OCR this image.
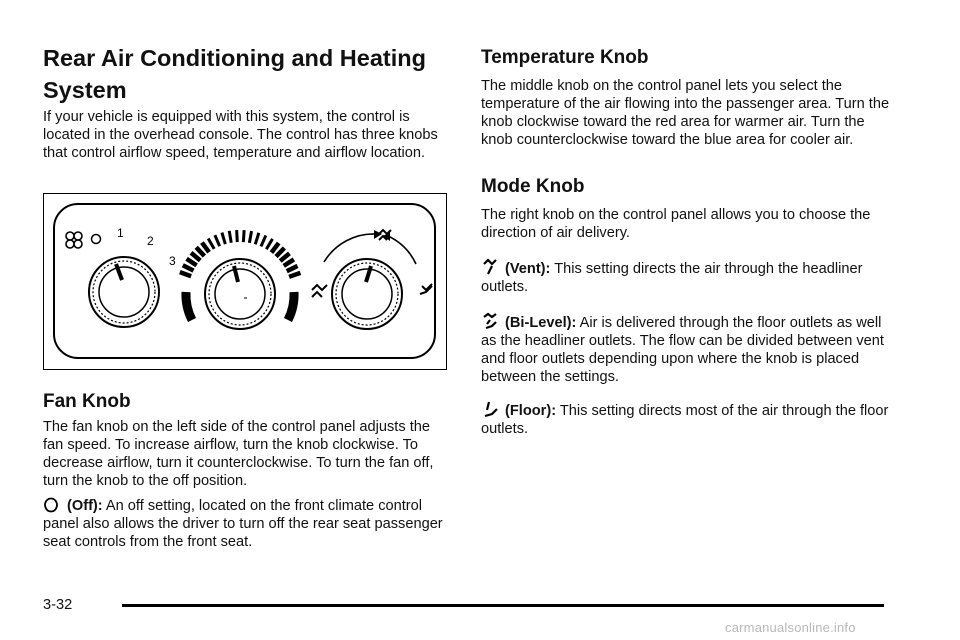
Rear Air Conditioning and Heating System

If your vehicle is equipped with this system, the control is located in the overhead console. The control has three knobs that control airflow speed, temperature and airflow location.

1
2
3
Fan Knob

The fan knob on the left side of the control panel adjusts the fan speed. To increase airflow, turn the knob clockwise. To decrease airflow, turn it counterclockwise. To turn the fan off, turn the knob to the off position.

(Off): An off setting, located on the front climate control panel also allows the driver to turn off the rear seat passenger seat controls from the front seat.

Temperature Knob

The middle knob on the control panel lets you select the temperature of the air flowing into the passenger area. Turn the knob clockwise toward the red area for warmer air. Turn the knob counterclockwise toward the blue area for cooler air.

Mode Knob

The right knob on the control panel allows you to choose the direction of air delivery.

(Vent): This setting directs the air through the headliner outlets.

(Bi-Level): Air is delivered through the floor outlets as well as the headliner outlets. The flow can be divided between vent and floor outlets depending upon where the knob is placed between the settings.

(Floor): This setting directs most of the air through the floor outlets.

3-32
carmanualsonline.info
